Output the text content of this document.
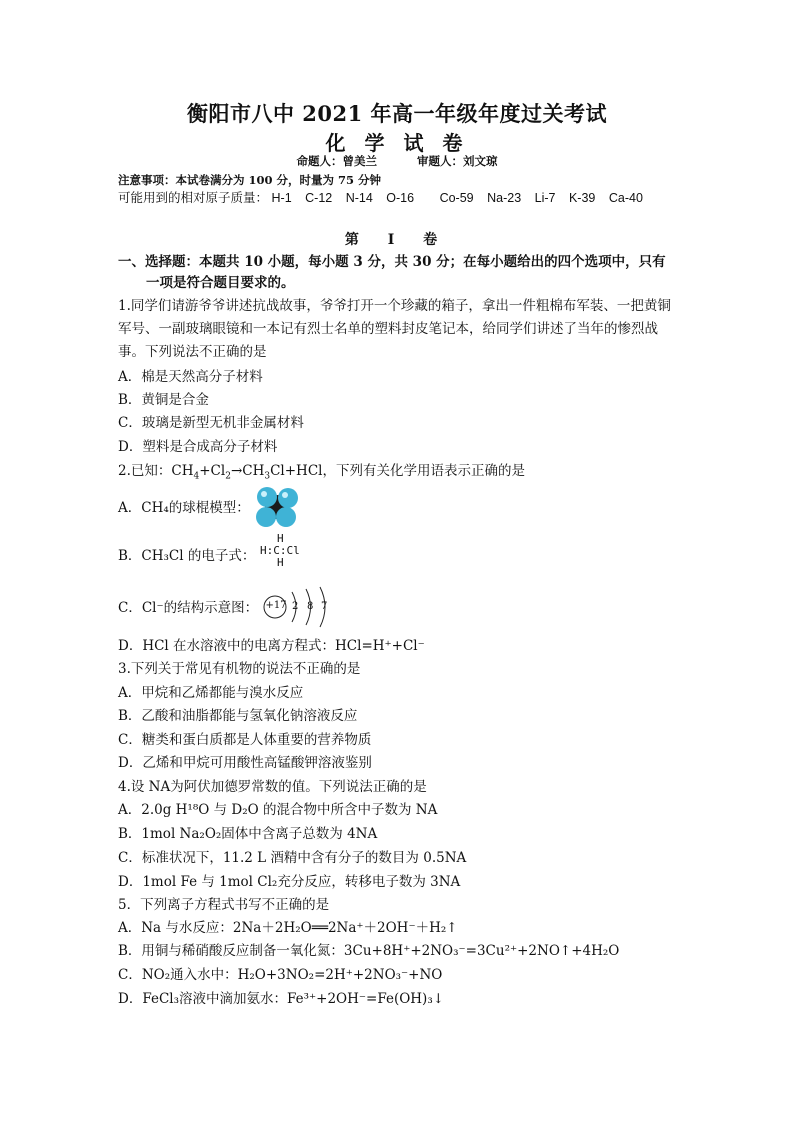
衡阳市八中 2021 年高一年级年度过关考试
化 学 试 卷
命题人：曾美兰	审题人：刘文琼
注意事项：本试卷满分为 100 分，时量为 75 分钟
可能用到的相对原子质量： H-1 C-12 N-14 O-16 Co-59 Na-23 Li-7 K-39 Ca-40
第 I 卷
一、选择题：本题共 10 小题，每小题 3 分，共 30 分；在每小题给出的四个选项中，只有
一项是符合题目要求的。
1.同学们请游爷爷讲述抗战故事，爷爷打开一个珍藏的箱子，拿出一件粗棉布军装、一把黄铜军号、一副玻璃眼镜和一本记有烈士名单的塑料封皮笔记本，给同学们讲述了当年的惨烈战事。下列说法不正确的是
A．棉是天然高分子材料
B．黄铜是合金
C．玻璃是新型无机非金属材料
D．塑料是合成高分子材料
2.已知：$CH_4+Cl_2\to CH_3Cl+HCl$，下列有关化学用语表示正确的是
A．CH₄的球棍模型：
B．CH₃Cl 的电子式：
H
H:C:Cl
H
C．Cl⁻的结构示意图： +17 2 8 7
D．HCl 在水溶液中的电离方程式：HCl=H⁺+Cl⁻
3.下列关于常见有机物的说法不正确的是
A．甲烷和乙烯都能与溴水反应
B．乙酸和油脂都能与氢氧化钠溶液反应
C．糖类和蛋白质都是人体重要的营养物质
D．乙烯和甲烷可用酸性高锰酸钾溶液鉴别
4.设 NA为阿伏加德罗常数的值。下列说法正确的是
A．2.0g H¹⁸O 与 D₂O 的混合物中所含中子数为 NA
B．1mol Na₂O₂固体中含离子总数为 4NA
C．标准状况下，11.2 L 酒精中含有分子的数目为 0.5NA
D．1mol Fe 与 1mol Cl₂充分反应，转移电子数为 3NA
5．下列离子方程式书写不正确的是
A．Na 与水反应：2Na＋2H₂O══2Na⁺＋2OH⁻＋H₂↑
B．用铜与稀硝酸反应制备一氧化氮：3Cu+8H⁺+2NO₃⁻=3Cu²⁺+2NO↑+4H₂O
C．NO₂通入水中：H₂O+3NO₂=2H⁺+2NO₃⁻+NO
D．FeCl₃溶液中滴加氨水：Fe³⁺+2OH⁻=Fe(OH)₃↓
